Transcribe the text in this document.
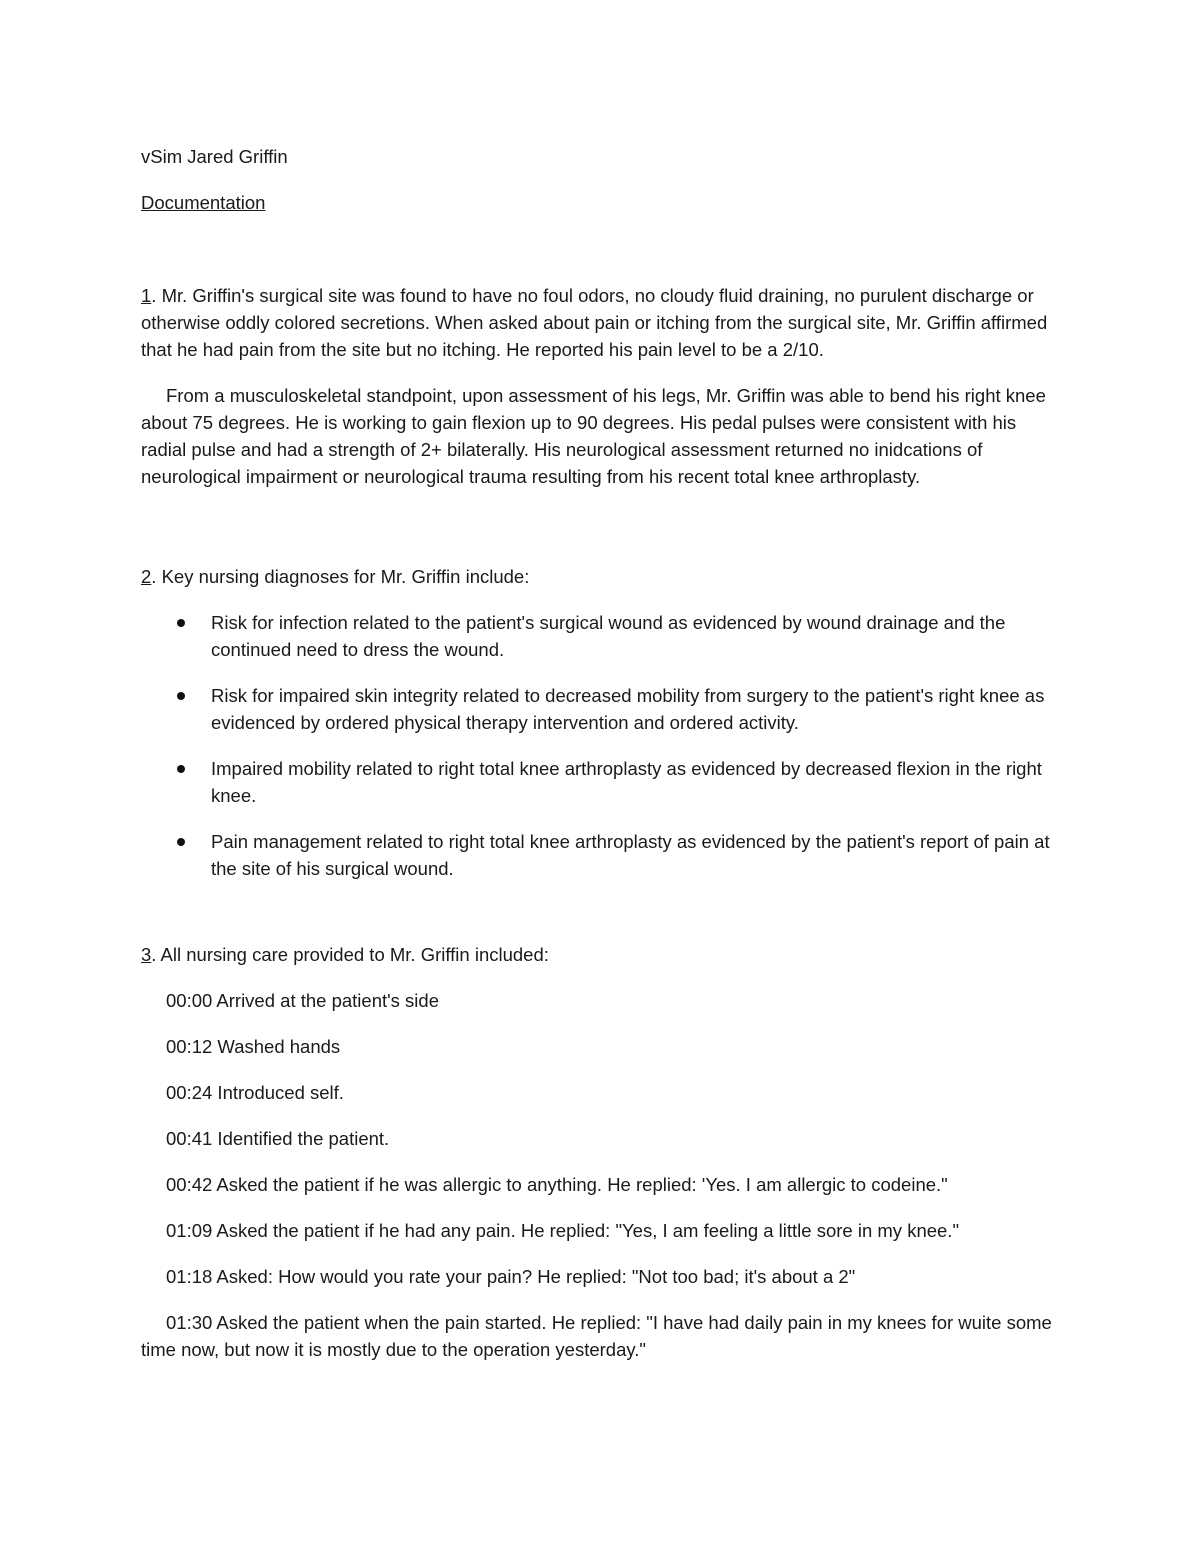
vSim Jared Griffin

Documentation

1. Mr. Griffin's surgical site was found to have no foul odors, no cloudy fluid draining, no purulent discharge or otherwise oddly colored secretions. When asked about pain or itching from the surgical site, Mr. Griffin affirmed that he had pain from the site but no itching. He reported his pain level to be a 2/10.

From a musculoskeletal standpoint, upon assessment of his legs, Mr. Griffin was able to bend his right knee about 75 degrees. He is working to gain flexion up to 90 degrees. His pedal pulses were consistent with his radial pulse and had a strength of 2+ bilaterally. His neurological assessment returned no inidcations of neurological impairment or neurological trauma resulting from his recent total knee arthroplasty.

2. Key nursing diagnoses for Mr. Griffin include:

Risk for infection related to the patient's surgical wound as evidenced by wound drainage and the continued need to dress the wound.
Risk for impaired skin integrity related to decreased mobility from surgery to the patient's right knee as evidenced by ordered physical therapy intervention and ordered activity.
Impaired mobility related to right total knee arthroplasty as evidenced by decreased flexion in the right knee.
Pain management related to right total knee arthroplasty as evidenced by the patient's report of pain at the site of his surgical wound.

3. All nursing care provided to Mr. Griffin included:

00:00 Arrived at the patient's side

00:12 Washed hands

00:24 Introduced self.

00:41 Identified the patient.

00:42 Asked the patient if he was allergic to anything. He replied: 'Yes. I am allergic to codeine."

01:09 Asked the patient if he had any pain. He replied: "Yes, I am feeling a little sore in my knee."

01:18 Asked: How would you rate your pain? He replied: "Not too bad; it's about a 2"

01:30 Asked the patient when the pain started. He replied: "I have had daily pain in my knees for wuite some time now, but now it is mostly due to the operation yesterday."
